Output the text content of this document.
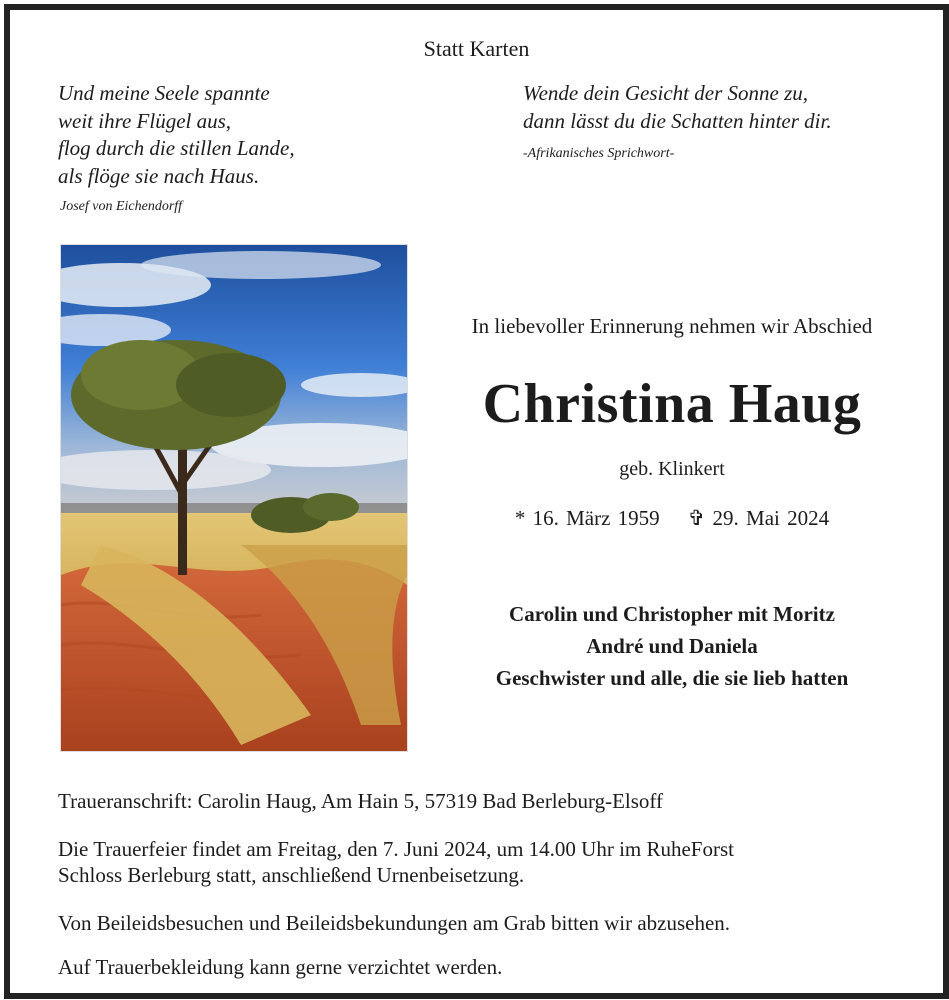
Statt Karten
Und meine Seele spannte
weit ihre Flügel aus,
flog durch die stillen Lande,
als flöge sie nach Haus.
Josef von Eichendorff
Wende dein Gesicht der Sonne zu,
dann lässt du die Schatten hinter dir.
-Afrikanisches Sprichwort-
In liebevoller Erinnerung nehmen wir Abschied
Christina Haug
geb. Klinkert
* 16. März 1959 ✞ 29. Mai 2024
Carolin und Christopher mit Moritz
André und Daniela
Geschwister und alle, die sie lieb hatten
Traueranschrift: Carolin Haug, Am Hain 5, 57319 Bad Berleburg-Elsoff
Die Trauerfeier findet am Freitag, den 7. Juni 2024, um 14.00 Uhr im RuheForst
Schloss Berleburg statt, anschließend Urnenbeisetzung.
Von Beileidsbesuchen und Beileidsbekundungen am Grab bitten wir abzusehen.
Auf Trauerbekleidung kann gerne verzichtet werden.
